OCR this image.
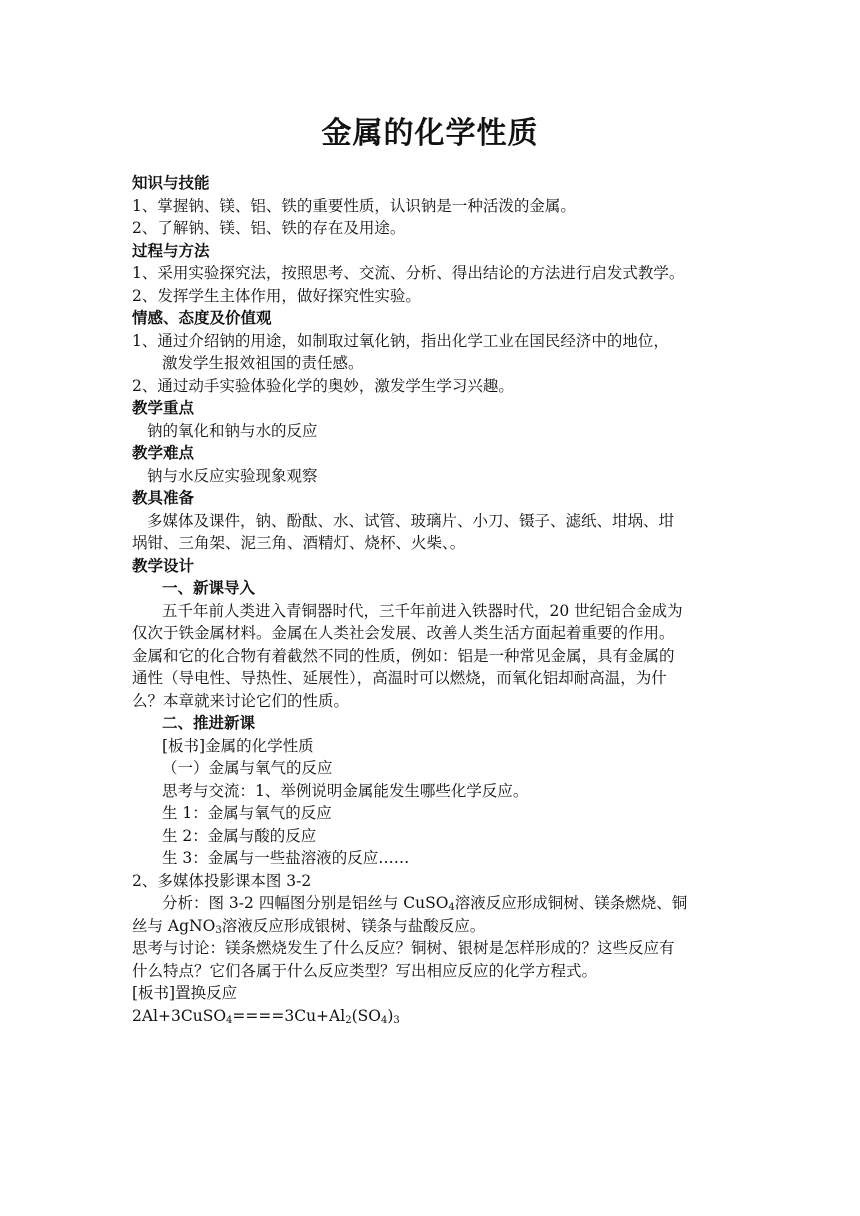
金属的化学性质
知识与技能
1、掌握钠、镁、铝、铁的重要性质，认识钠是一种活泼的金属。
2、了解钠、镁、铝、铁的存在及用途。
过程与方法
1、采用实验探究法，按照思考、交流、分析、得出结论的方法进行启发式教学。
2、发挥学生主体作用，做好探究性实验。
情感、态度及价值观
1、通过介绍钠的用途，如制取过氧化钠，指出化学工业在国民经济中的地位，
激发学生报效祖国的责任感。
2、通过动手实验体验化学的奥妙，激发学生学习兴趣。
教学重点
钠的氧化和钠与水的反应
教学难点
钠与水反应实验现象观察
教具准备
多媒体及课件，钠、酚酞、水、试管、玻璃片、小刀、镊子、滤纸、坩埚、坩
埚钳、三角架、泥三角、酒精灯、烧杯、火柴、。
教学设计
一、新课导入
五千年前人类进入青铜器时代，三千年前进入铁器时代，20 世纪铝合金成为
仅次于铁金属材料。金属在人类社会发展、改善人类生活方面起着重要的作用。
金属和它的化合物有着截然不同的性质，例如：铝是一种常见金属，具有金属的
通性（导电性、导热性、延展性），高温时可以燃烧，而氧化铝却耐高温，为什
么？本章就来讨论它们的性质。
二、推进新课
[板书]金属的化学性质
（一）金属与氧气的反应
思考与交流：1、举例说明金属能发生哪些化学反应。
生 1：金属与氧气的反应
生 2：金属与酸的反应
生 3：金属与一些盐溶液的反应……
2、多媒体投影课本图 3-2
分析：图 3-2 四幅图分别是铝丝与 CuSO$_4$溶液反应形成铜树、镁条燃烧、铜
丝与 AgNO$_3$溶液反应形成银树、镁条与盐酸反应。
思考与讨论：镁条燃烧发生了什么反应？铜树、银树是怎样形成的？这些反应有
什么特点？它们各属于什么反应类型？写出相应反应的化学方程式。
[板书]置换反应
$2Al+3CuSO_4====3Cu+Al_2(SO_4)_3$
